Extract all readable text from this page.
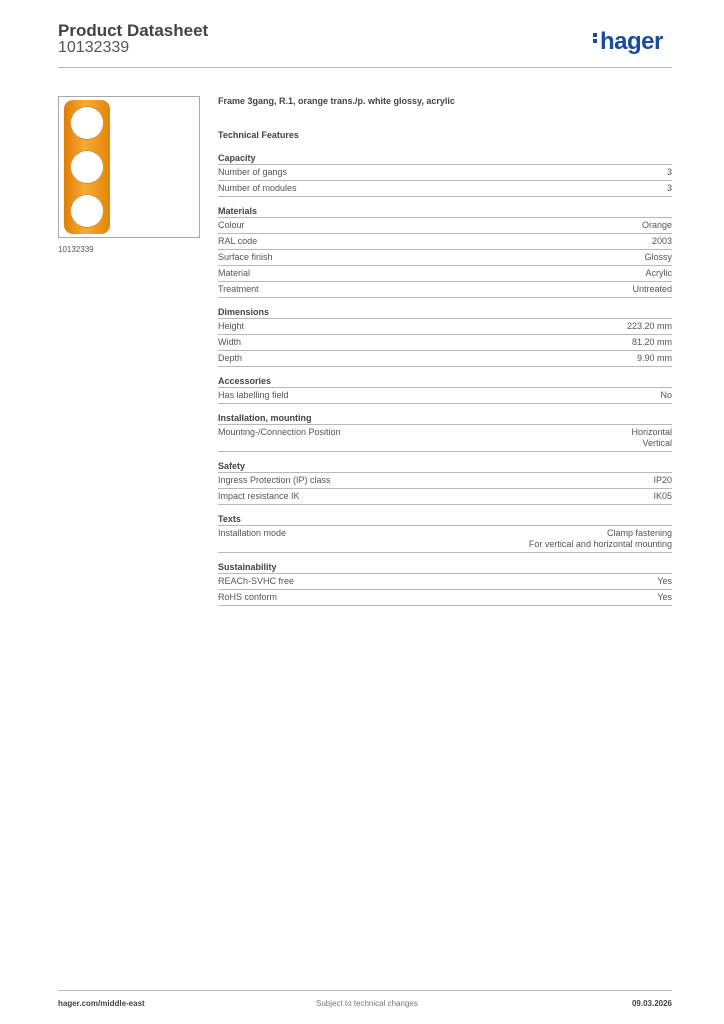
Product Datasheet
10132339	hager
10132339
Frame 3gang, R.1, orange trans./p. white glossy, acrylic
Technical Features
Capacity
Number of gangs	3
Number of modules	3
Materials
Colour	Orange
RAL code	2003
Surface finish	Glossy
Material	Acrylic
Treatment	Untreated
Dimensions
Height	223.20 mm
Width	81.20 mm
Depth	9.90 mm
Accessories
Has labelling field	No
Installation, mounting
Mounting-/Connection Position	Horizontal
Vertical
Safety
Ingress Protection (IP) class	IP20
Impact resistance IK	IK05
Texts
Installation mode	Clamp fastening
For vertical and horizontal mounting
Sustainability
REACh-SVHC free	Yes
RoHS conform	Yes
hager.com/middle-east	Subject to technical changes	09.03.2026
